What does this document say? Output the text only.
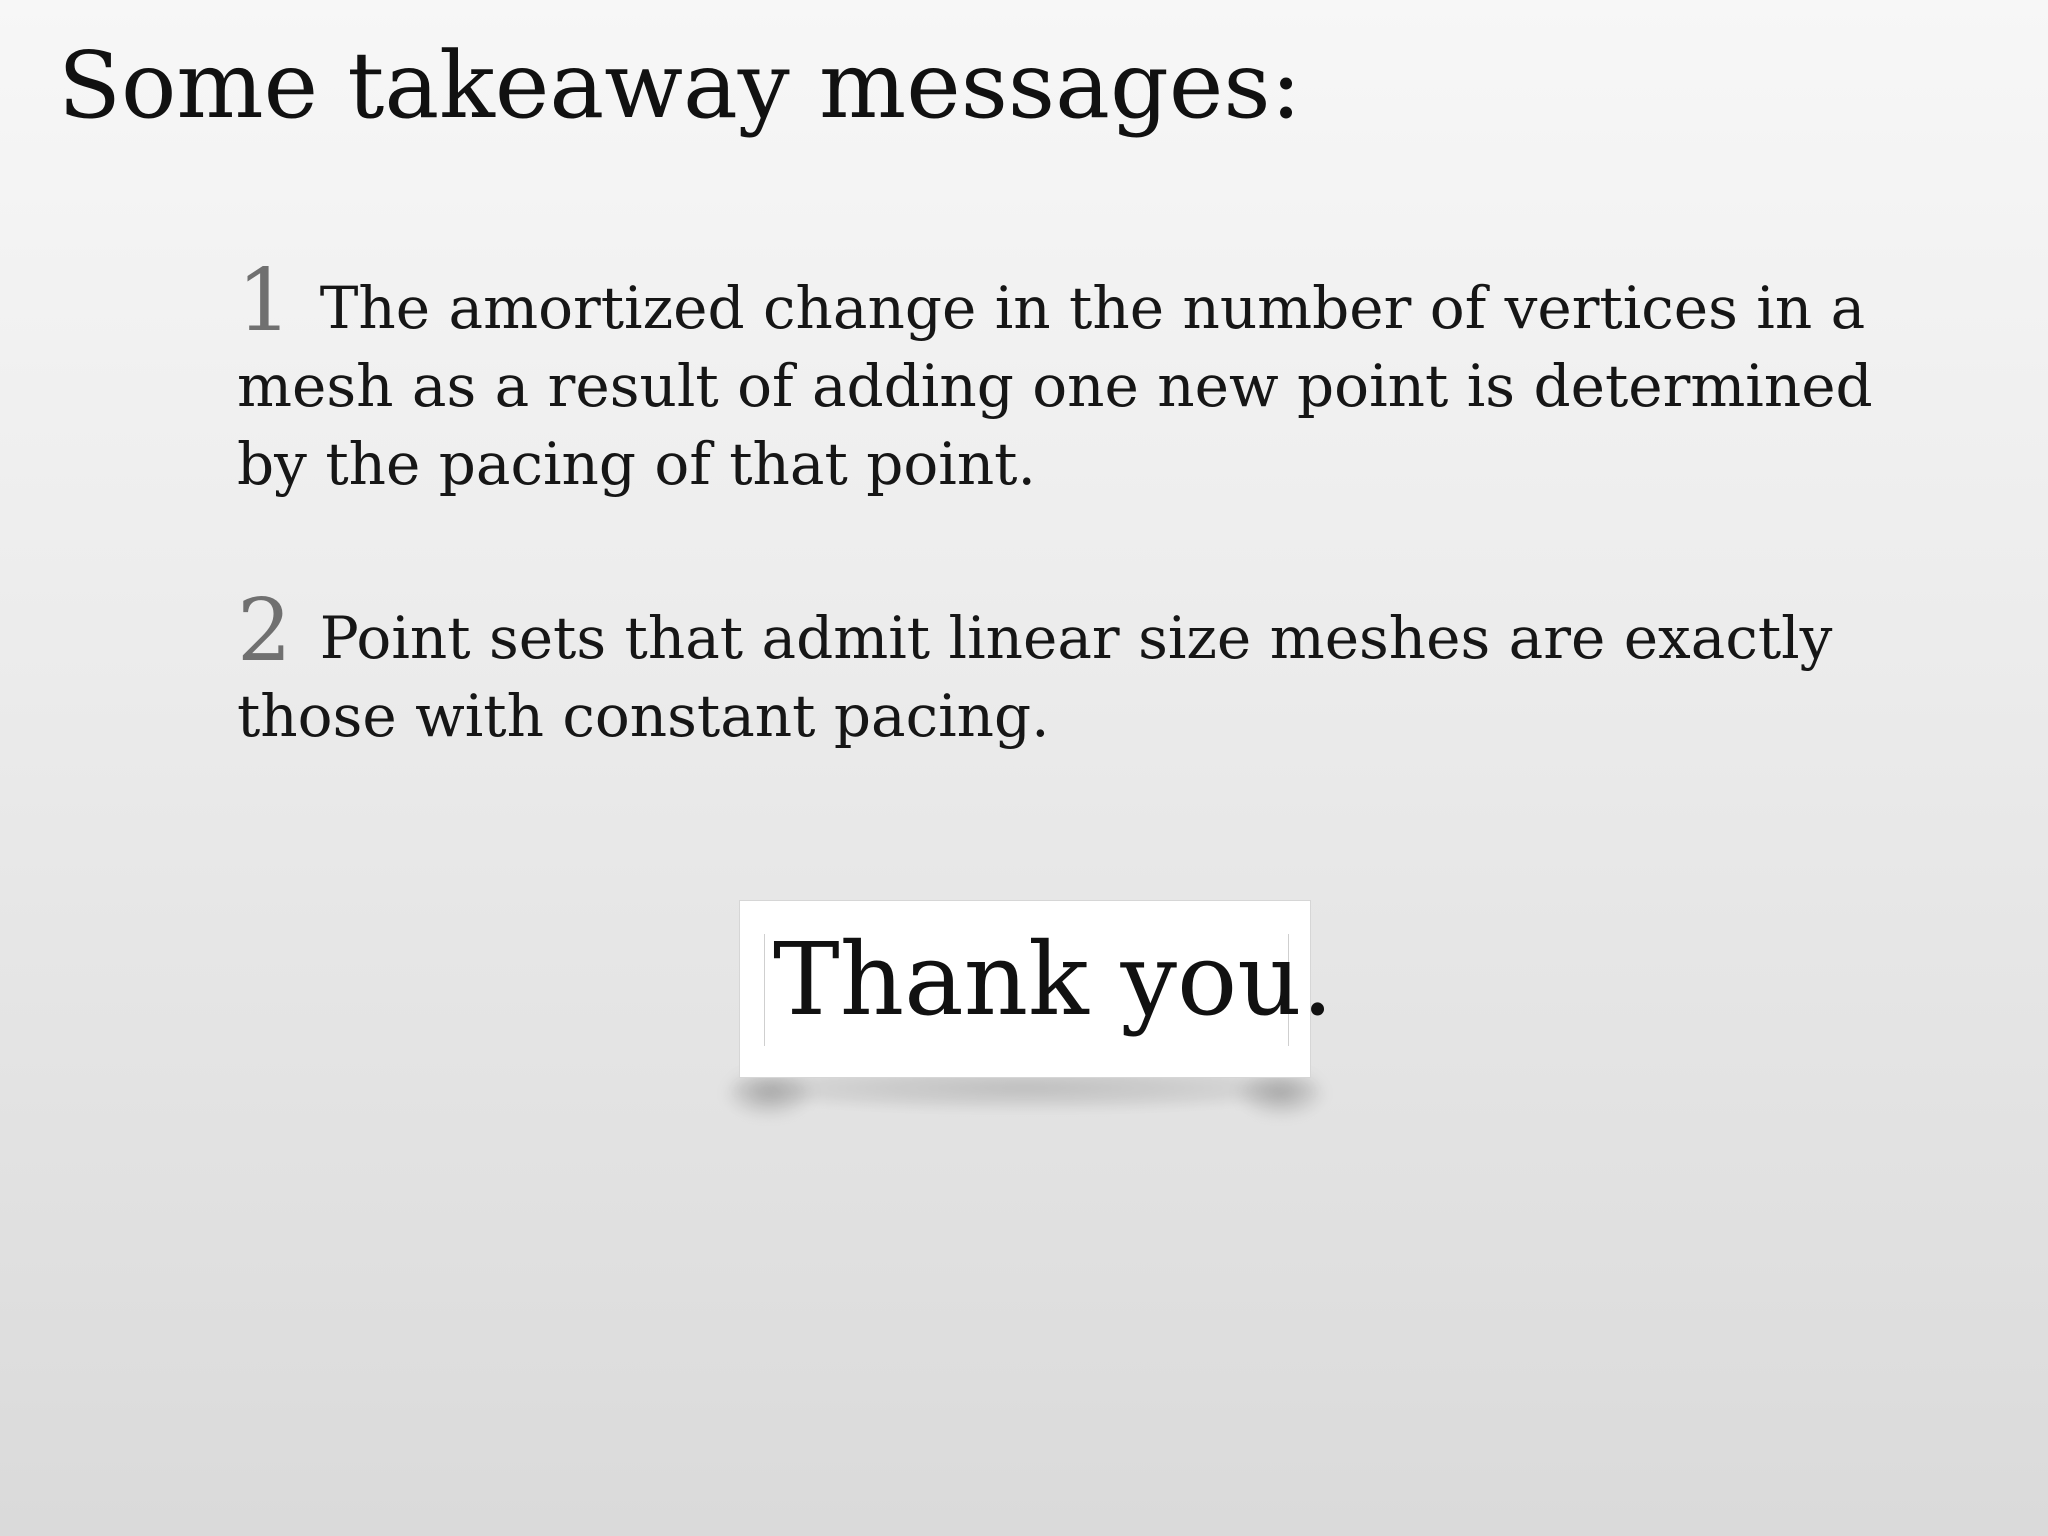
Some takeaway messages:
1 The amortized change in the number of vertices in a mesh as a result of adding one new point is determined by the pacing of that point.
2 Point sets that admit linear size meshes are exactly those with constant pacing.
Thank you.
